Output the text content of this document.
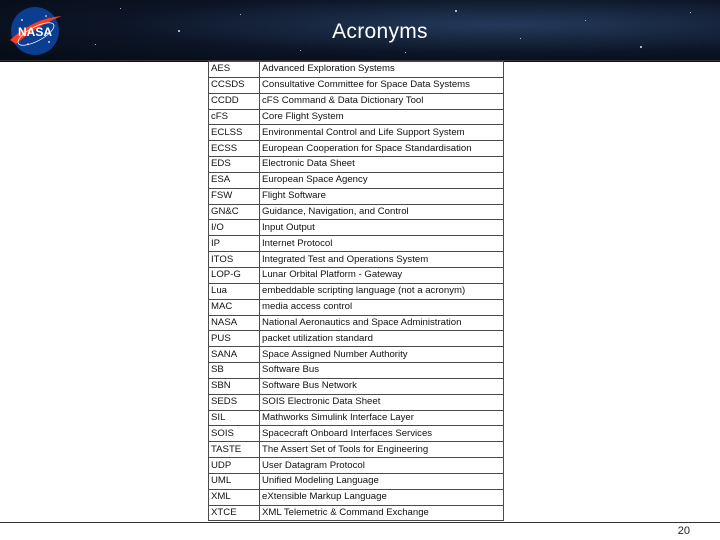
NASA	Acronyms
AES	Advanced Exploration Systems
CCSDS	Consultative Committee for Space Data Systems
CCDD	cFS Command & Data Dictionary Tool
cFS	Core Flight System
ECLSS	Environmental Control and Life Support System
ECSS	European Cooperation for Space Standardisation
EDS	Electronic Data Sheet
ESA	European Space Agency
FSW	Flight Software
GN&C	Guidance, Navigation, and Control
I/O	Input Output
IP	Internet Protocol
ITOS	Integrated Test and Operations System
LOP-G	Lunar Orbital Platform - Gateway
Lua	embeddable scripting language (not a acronym)
MAC	media access control
NASA	National Aeronautics and Space Administration
PUS	packet utilization standard
SANA	Space Assigned Number Authority
SB	Software Bus
SBN	Software Bus Network
SEDS	SOIS Electronic Data Sheet
SIL	Mathworks Simulink Interface Layer
SOIS	Spacecraft Onboard Interfaces Services
TASTE	The Assert Set of Tools for Engineering
UDP	User Datagram Protocol
UML	Unified Modeling Language
XML	eXtensible Markup Language
XTCE	XML Telemetric & Command Exchange
20
